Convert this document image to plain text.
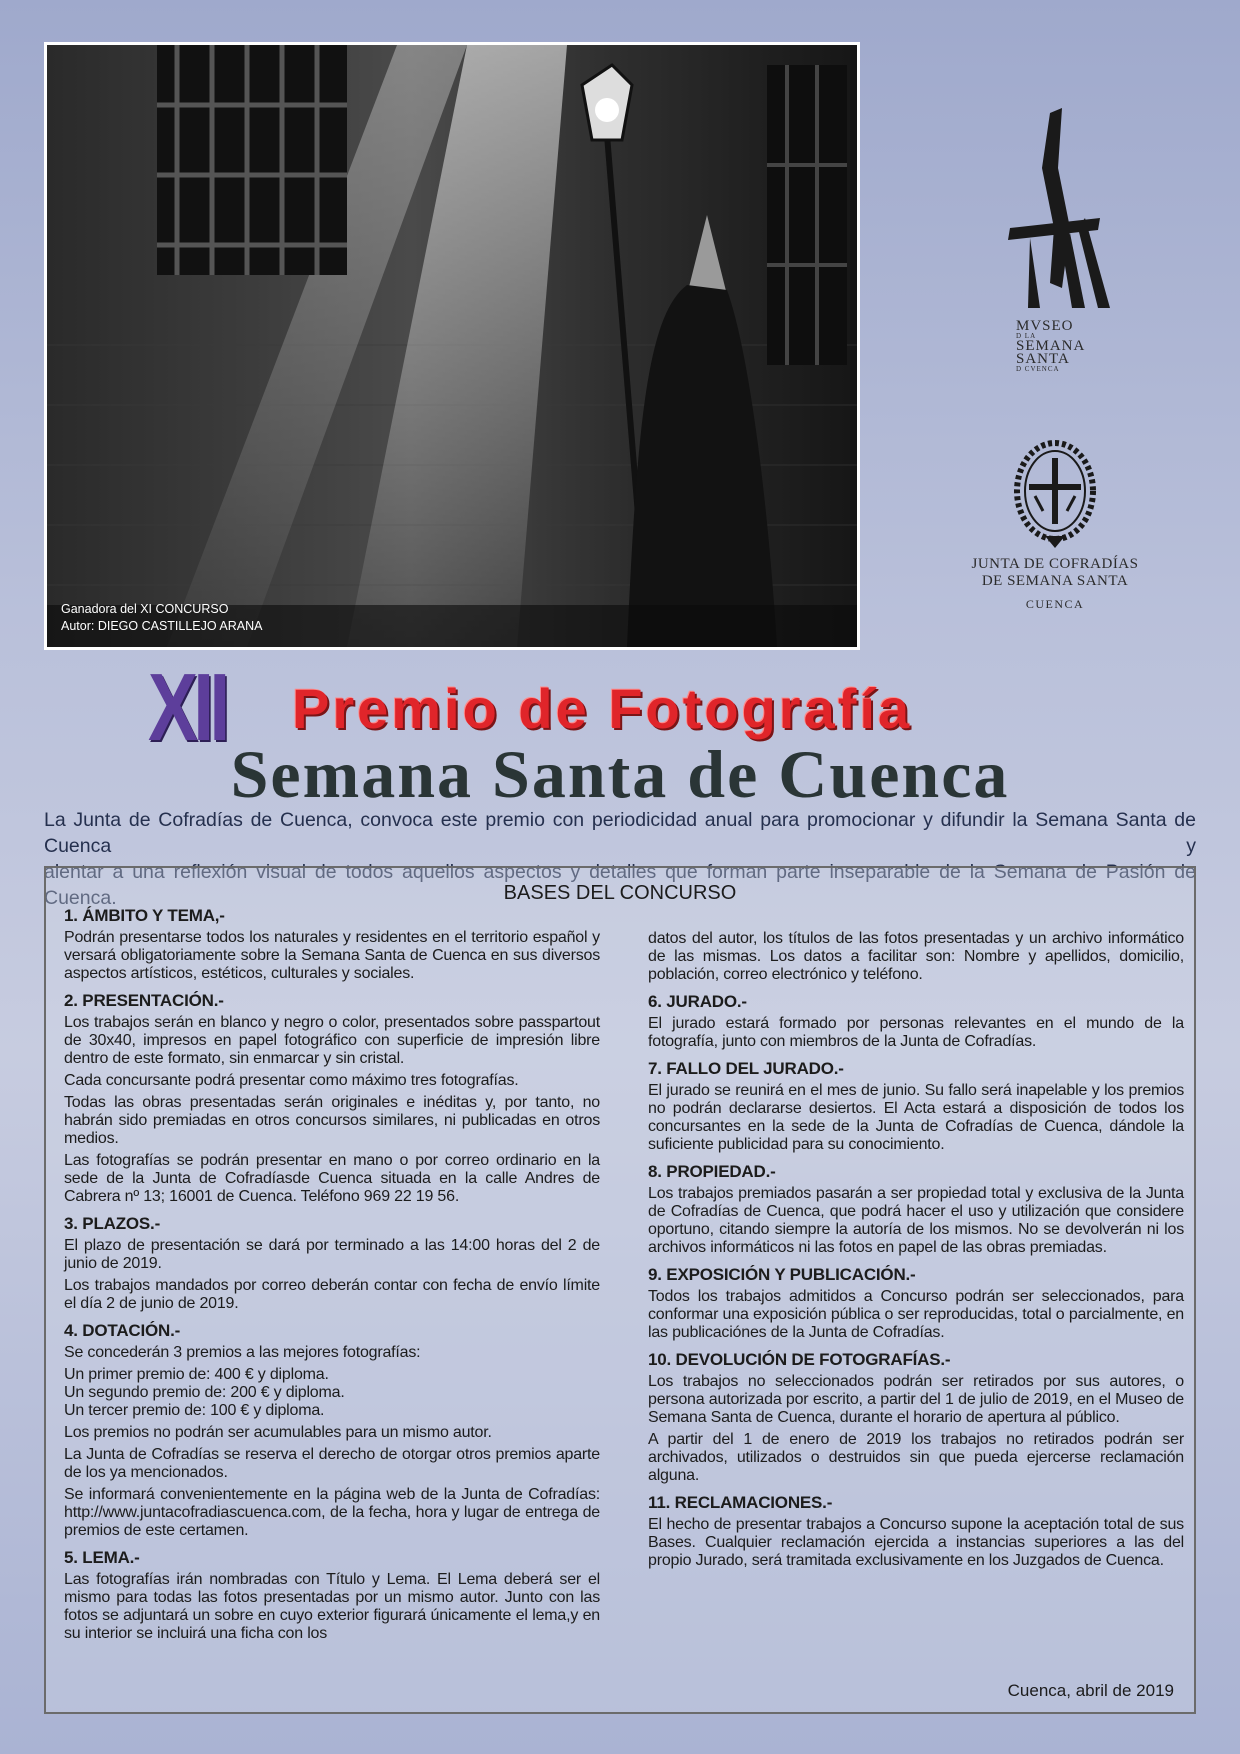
Ganadora del XI CONCURSO
Autor: DIEGO CASTILLEJO ARANA
MVSEO
D LA
SEMANA
SANTA
D CVENCA
JUNTA DE COFRADÍAS
DE SEMANA SANTA
CUENCA
XII Premio de Fotografía
Semana Santa de Cuenca
La Junta de Cofradías de Cuenca, convoca este premio con periodicidad anual para promocionar y difundir la Semana Santa de Cuenca y
alentar a una reflexión visual de todos aquellos aspectos y detalles que forman parte inseparable de la Semana de Pasión de Cuenca.	BASES DEL CONCURSO
1. ÁMBITO Y TEMA,-

Podrán presentarse todos los naturales y residentes en el territorio español y versará obligatoriamente sobre la Semana Santa de Cuenca en sus diversos aspectos artísticos, estéticos, culturales y sociales.

2. PRESENTACIÓN.-

Los trabajos serán en blanco y negro o color, presentados sobre passpartout de 30x40, impresos en papel fotográfico con superficie de impresión libre dentro de este formato, sin enmarcar y sin cristal.

Cada concursante podrá presentar como máximo tres fotografías.

Todas las obras presentadas serán originales e inéditas y, por tanto, no habrán sido premiadas en otros concursos similares, ni publicadas en otros medios.

Las fotografías se podrán presentar en mano o por correo ordinario en la sede de la Junta de Cofradíasde Cuenca situada en la calle Andres de Cabrera nº 13; 16001 de Cuenca. Teléfono 969 22 19 56.

3. PLAZOS.-

El plazo de presentación se dará por terminado a las 14:00 horas del 2 de junio de 2019.

Los trabajos mandados por correo deberán contar con fecha de envío límite el día 2 de junio de 2019.

4. DOTACIÓN.-

Se concederán 3 premios a las mejores fotografías:

Un primer premio de: 400 € y diploma.

Un segundo premio de: 200 € y diploma.

Un tercer premio de: 100 € y diploma.

Los premios no podrán ser acumulables para un mismo autor.

La Junta de Cofradías se reserva el derecho de otorgar otros premios aparte de los ya mencionados.

Se informará convenientemente en la página web de la Junta de Cofradías: http://www.juntacofradiascuenca.com, de la fecha, hora y lugar de entrega de premios de este certamen.

5. LEMA.-

Las fotografías irán nombradas con Título y Lema. El Lema deberá ser el mismo para todas las fotos presentadas por un mismo autor. Junto con las fotos se adjuntará un sobre en cuyo exterior figurará únicamente el lema,y en su interior se incluirá una ficha con los

datos del autor, los títulos de las fotos presentadas y un archivo informático de las mismas. Los datos a facilitar son: Nombre y apellidos, domicilio, población, correo electrónico y teléfono.

6. JURADO.-

El jurado estará formado por personas relevantes en el mundo de la fotografía, junto con miembros de la Junta de Cofradías.

7. FALLO DEL JURADO.-

El jurado se reunirá en el mes de junio. Su fallo será inapelable y los premios no podrán declararse desiertos. El Acta estará a disposición de todos los concursantes en la sede de la Junta de Cofradías de Cuenca, dándole la suficiente publicidad para su conocimiento.

8. PROPIEDAD.-

Los trabajos premiados pasarán a ser propiedad total y exclusiva de la Junta de Cofradías de Cuenca, que podrá hacer el uso y utilización que considere oportuno, citando siempre la autoría de los mismos. No se devolverán ni los archivos informáticos ni las fotos en papel de las obras premiadas.

9. EXPOSICIÓN Y PUBLICACIÓN.-

Todos los trabajos admitidos a Concurso podrán ser seleccionados, para conformar una exposición pública o ser reproducidas, total o parcialmente, en las publicaciónes de la Junta de Cofradías.

10. DEVOLUCIÓN DE FOTOGRAFÍAS.-

Los trabajos no seleccionados podrán ser retirados por sus autores, o persona autorizada por escrito, a partir del 1 de julio de 2019, en el Museo de Semana Santa de Cuenca, durante el horario de apertura al público.

A partir del 1 de enero de 2019 los trabajos no retirados podrán ser archivados, utilizados o destruidos sin que pueda ejercerse reclamación alguna.

11. RECLAMACIONES.-

El hecho de presentar trabajos a Concurso supone la aceptación total de sus Bases. Cualquier reclamación ejercida a instancias superiores a las del propio Jurado, será tramitada exclusivamente en los Juzgados de Cuenca.

Cuenca, abril de 2019
